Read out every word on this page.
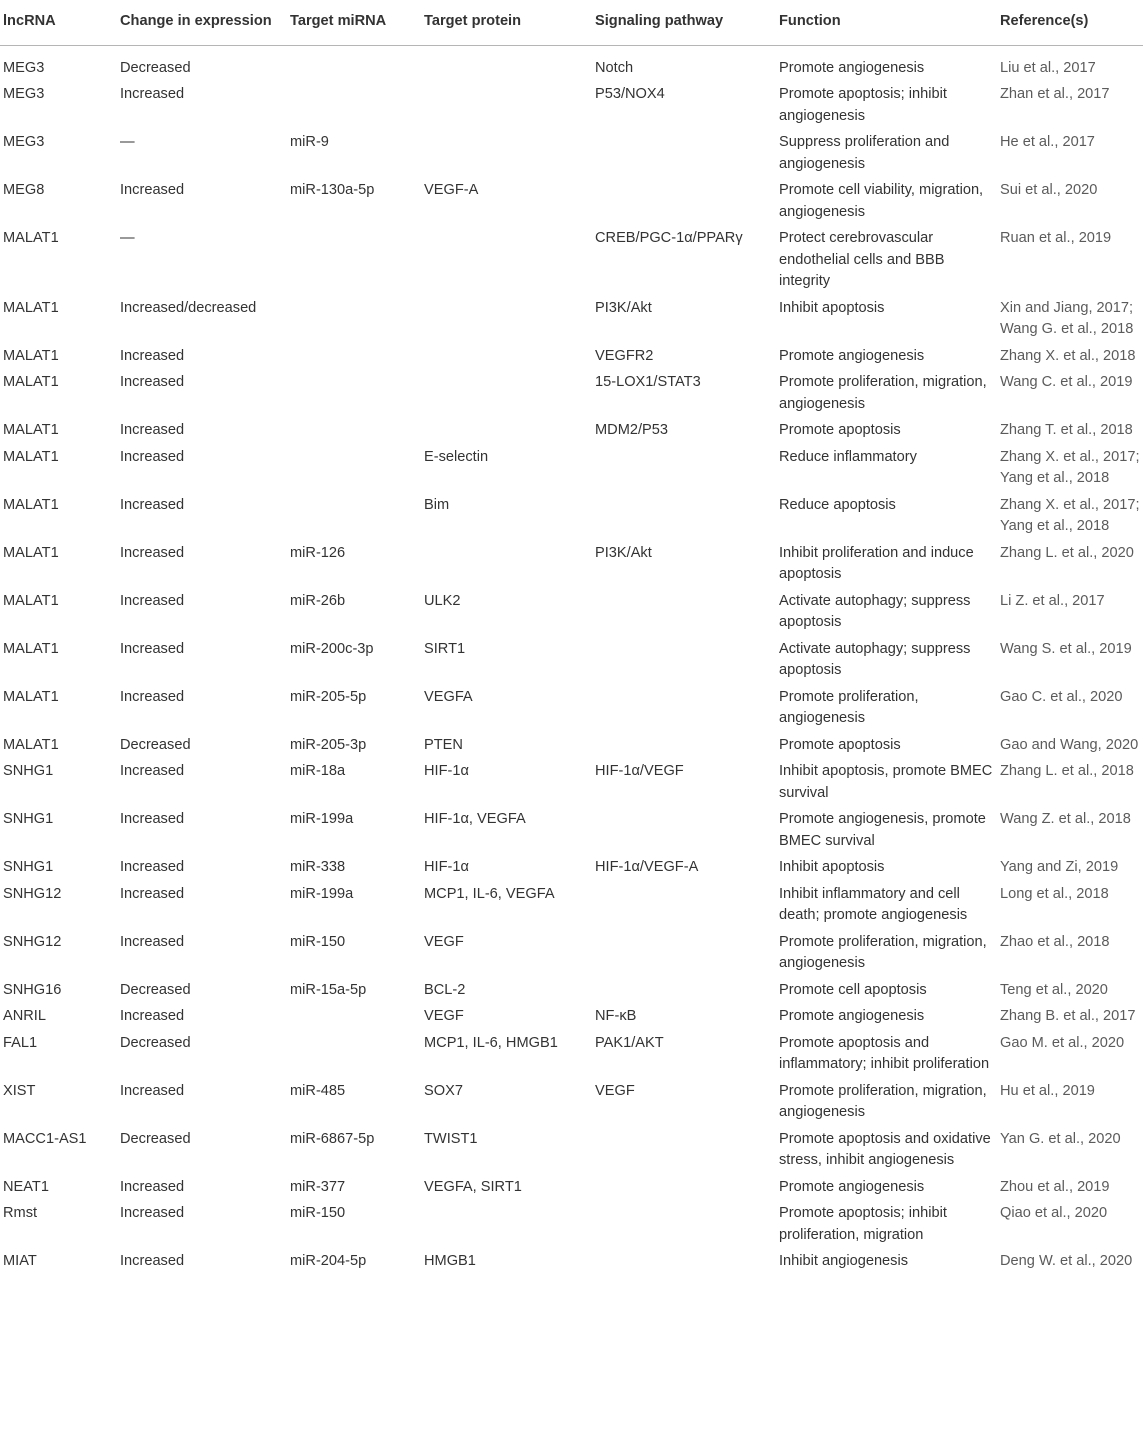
lncRNA	Change in expression	Target miRNA	Target protein	Signaling pathway	Function	Reference(s)
MEG3	Decreased			Notch	Promote angiogenesis	Liu et al., 2017
MEG3	Increased			P53/NOX4	Promote apoptosis; inhibit angiogenesis	Zhan et al., 2017
MEG3	—	miR-9			Suppress proliferation and angiogenesis	He et al., 2017
MEG8	Increased	miR-130a-5p	VEGF-A		Promote cell viability, migration, angiogenesis	Sui et al., 2020
MALAT1	—			CREB/PGC-1α/PPARγ	Protect cerebrovascular endothelial cells and BBB integrity	Ruan et al., 2019
MALAT1	Increased/decreased			PI3K/Akt	Inhibit apoptosis	Xin and Jiang, 2017; Wang G. et al., 2018
MALAT1	Increased			VEGFR2	Promote angiogenesis	Zhang X. et al., 2018
MALAT1	Increased			15-LOX1/STAT3	Promote proliferation, migration, angiogenesis	Wang C. et al., 2019
MALAT1	Increased			MDM2/P53	Promote apoptosis	Zhang T. et al., 2018
MALAT1	Increased		E-selectin		Reduce inflammatory	Zhang X. et al., 2017; Yang et al., 2018
MALAT1	Increased		Bim		Reduce apoptosis	Zhang X. et al., 2017; Yang et al., 2018
MALAT1	Increased	miR-126		PI3K/Akt	Inhibit proliferation and induce apoptosis	Zhang L. et al., 2020
MALAT1	Increased	miR-26b	ULK2		Activate autophagy; suppress apoptosis	Li Z. et al., 2017
MALAT1	Increased	miR-200c-3p	SIRT1		Activate autophagy; suppress apoptosis	Wang S. et al., 2019
MALAT1	Increased	miR-205-5p	VEGFA		Promote proliferation, angiogenesis	Gao C. et al., 2020
MALAT1	Decreased	miR-205-3p	PTEN		Promote apoptosis	Gao and Wang, 2020
SNHG1	Increased	miR-18a	HIF-1α	HIF-1α/VEGF	Inhibit apoptosis, promote BMEC survival	Zhang L. et al., 2018
SNHG1	Increased	miR-199a	HIF-1α, VEGFA		Promote angiogenesis, promote BMEC survival	Wang Z. et al., 2018
SNHG1	Increased	miR-338	HIF-1α	HIF-1α/VEGF-A	Inhibit apoptosis	Yang and Zi, 2019
SNHG12	Increased	miR-199a	MCP1, IL-6, VEGFA		Inhibit inflammatory and cell death; promote angiogenesis	Long et al., 2018
SNHG12	Increased	miR-150	VEGF		Promote proliferation, migration, angiogenesis	Zhao et al., 2018
SNHG16	Decreased	miR-15a-5p	BCL-2		Promote cell apoptosis	Teng et al., 2020
ANRIL	Increased		VEGF	NF-κB	Promote angiogenesis	Zhang B. et al., 2017
FAL1	Decreased		MCP1, IL-6, HMGB1	PAK1/AKT	Promote apoptosis and inflammatory; inhibit proliferation	Gao M. et al., 2020
XIST	Increased	miR-485	SOX7	VEGF	Promote proliferation, migration, angiogenesis	Hu et al., 2019
MACC1-AS1	Decreased	miR-6867-5p	TWIST1		Promote apoptosis and oxidative stress, inhibit angiogenesis	Yan G. et al., 2020
NEAT1	Increased	miR-377	VEGFA, SIRT1		Promote angiogenesis	Zhou et al., 2019
Rmst	Increased	miR-150			Promote apoptosis; inhibit proliferation, migration	Qiao et al., 2020
MIAT	Increased	miR-204-5p	HMGB1		Inhibit angiogenesis	Deng W. et al., 2020
